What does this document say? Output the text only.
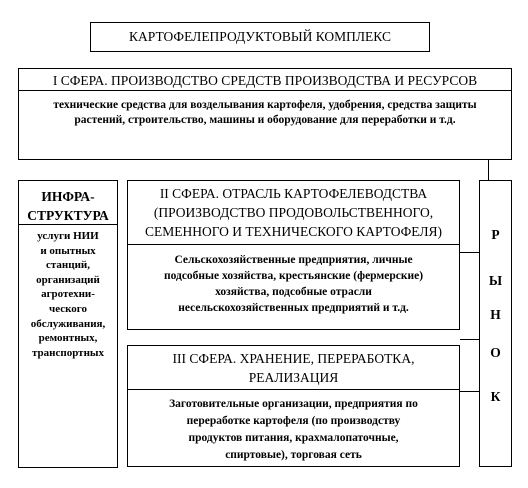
КАРТОФЕЛЕПРОДУКТОВЫЙ КОМПЛЕКС
I СФЕРА. ПРОИЗВОДСТВО СРЕДСТВ ПРОИЗВОДСТВА И РЕСУРСОВ
технические средства для возделывания картофеля, удобрения, средства защиты растений, строительство, машины и оборудование для переработки и т.д.
ИНФРА-
СТРУКТУРА
услуги НИИ
и опытных
станций,
организаций
агротехни-
ческого
обслуживания,
ремонтных,
транспортных
II СФЕРА. ОТРАСЛЬ КАРТОФЕЛЕВОДСТВА
(ПРОИЗВОДСТВО ПРОДОВОЛЬСТВЕННОГО,
СЕМЕННОГО И ТЕХНИЧЕСКОГО КАРТОФЕЛЯ)
Сельскохозяйственные предприятия, личные
подсобные хозяйства, крестьянские (фермерские)
хозяйства, подсобные отрасли
несельскохозяйственных предприятий и т.д.
III СФЕРА. ХРАНЕНИЕ, ПЕРЕРАБОТКА,
РЕАЛИЗАЦИЯ
Заготовительные организации, предприятия по
переработке картофеля (по производству
продуктов питания, крахмалопаточные,
спиртовые), торговая сеть
Р
Ы
Н
О
К
